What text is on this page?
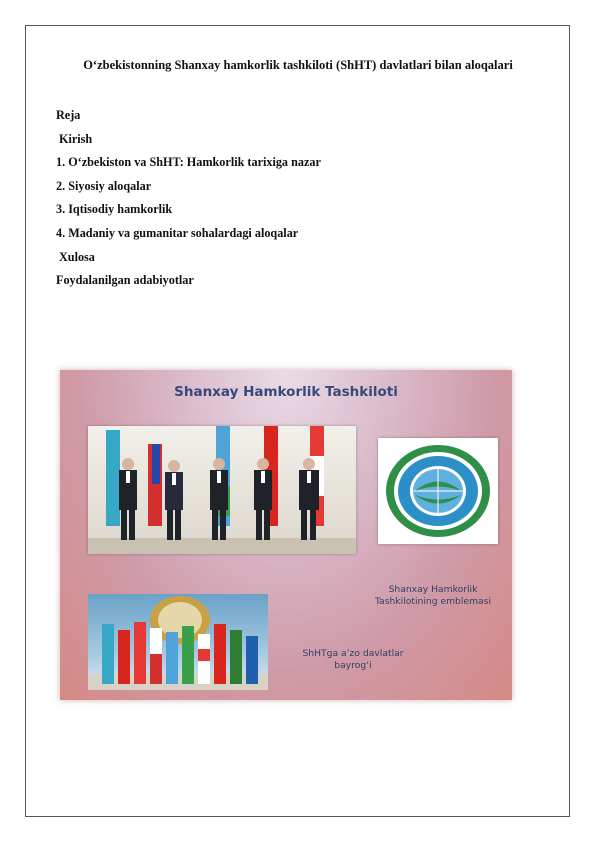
O‘zbekistonning Shanxay hamkorlik tashkiloti (ShHT) davlatlari bilan aloqalari
Reja
Kirish
1. O‘zbekiston va ShHT: Hamkorlik tarixiga nazar
2. Siyosiy aloqalar
3. Iqtisodiy hamkorlik
4. Madaniy va gumanitar sohalardagi aloqalar
Xulosa
Foydalanilgan adabiyotlar
Shanxay Hamkorlik Tashkiloti
Shanxay Hamkorlik
Tashkilotining emblemasi
ShHTga a’zo davlatlar
bayrog‘i
